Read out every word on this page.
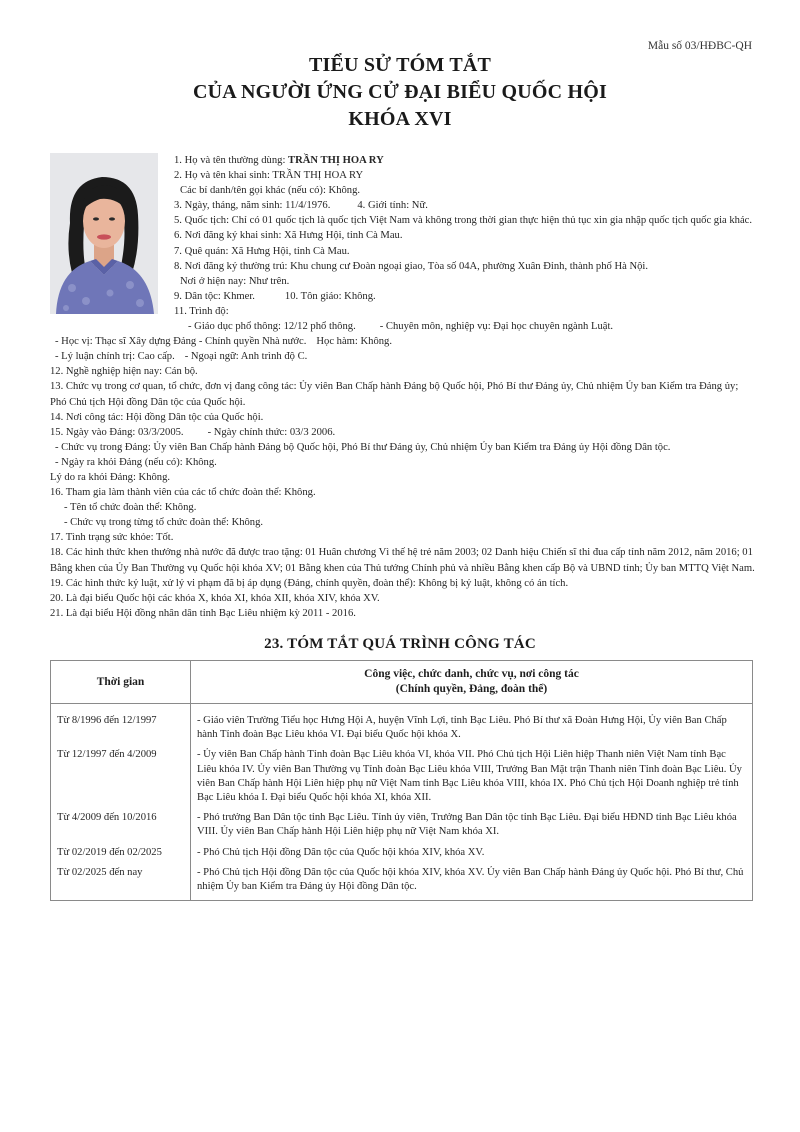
Mẫu số 03/HĐBC-QH
TIỂU SỬ TÓM TẮT
CỦA NGƯỜI ỨNG CỬ ĐẠI BIỂU QUỐC HỘI
KHÓA XVI
1. Họ và tên thường dùng: TRẦN THỊ HOA RY
2. Họ và tên khai sinh: TRẦN THỊ HOA RY
Các bí danh/tên gọi khác (nếu có): Không.
3. Ngày, tháng, năm sinh: 11/4/1976.	4. Giới tính: Nữ.
5. Quốc tịch: Chỉ có 01 quốc tịch là quốc tịch Việt Nam và không trong thời gian thực hiện thủ tục xin gia nhập quốc tịch quốc gia khác.
6. Nơi đăng ký khai sinh: Xã Hưng Hội, tỉnh Cà Mau.
7. Quê quán: Xã Hưng Hội, tỉnh Cà Mau.
8. Nơi đăng ký thường trú: Khu chung cư Đoàn ngoại giao, Tòa số 04A, phường Xuân Đỉnh, thành phố Hà Nội.
Nơi ở hiện nay: Như trên.
9. Dân tộc: Khmer.	10. Tôn giáo: Không.
11. Trình độ:
- Giáo dục phổ thông: 12/12 phổ thông. - Chuyên môn, nghiệp vụ: Đại học chuyên ngành Luật.
- Học vị: Thạc sĩ Xây dựng Đảng - Chính quyền Nhà nước. Học hàm: Không.
- Lý luận chính trị: Cao cấp. - Ngoại ngữ: Anh trình độ C.
12. Nghề nghiệp hiện nay: Cán bộ.
13. Chức vụ trong cơ quan, tổ chức, đơn vị đang công tác: Ủy viên Ban Chấp hành Đảng bộ Quốc hội, Phó Bí thư Đảng ủy, Chủ nhiệm Ủy ban Kiểm tra Đảng ủy; Phó Chủ tịch Hội đồng Dân tộc của Quốc hội.
14. Nơi công tác: Hội đồng Dân tộc của Quốc hội.
15. Ngày vào Đảng: 03/3/2005. - Ngày chính thức: 03/3 2006.
- Chức vụ trong Đảng: Ủy viên Ban Chấp hành Đảng bộ Quốc hội, Phó Bí thư Đảng ủy, Chủ nhiệm Ủy ban Kiểm tra Đảng ủy Hội đồng Dân tộc.
- Ngày ra khỏi Đảng (nếu có): Không.
Lý do ra khỏi Đảng: Không.
16. Tham gia làm thành viên của các tổ chức đoàn thể: Không.
- Tên tổ chức đoàn thể: Không.
- Chức vụ trong từng tổ chức đoàn thể: Không.
17. Tình trạng sức khỏe: Tốt.
18. Các hình thức khen thưởng nhà nước đã được trao tặng: 01 Huân chương Vì thế hệ trẻ năm 2003; 02 Danh hiệu Chiến sĩ thi đua cấp tỉnh năm 2012, năm 2016; 01 Bằng khen của Ủy Ban Thường vụ Quốc hội khóa XV; 01 Bằng khen của Thủ tướng Chính phủ và nhiều Bằng khen cấp Bộ và UBND tỉnh; Ủy ban MTTQ Việt Nam.
19. Các hình thức kỷ luật, xử lý vi phạm đã bị áp dụng (Đảng, chính quyền, đoàn thể): Không bị kỷ luật, không có án tích.
20. Là đại biểu Quốc hội các khóa X, khóa XI, khóa XII, khóa XIV, khóa XV.
21. Là đại biểu Hội đồng nhân dân tỉnh Bạc Liêu nhiệm kỳ 2011 - 2016.
23. TÓM TẮT QUÁ TRÌNH CÔNG TÁC
Thời gian	Công việc, chức danh, chức vụ, nơi công tác
(Chính quyền, Đảng, đoàn thể)

Từ 8/1996 đến 12/1997	- Giáo viên Trường Tiểu học Hưng Hội A, huyện Vĩnh Lợi, tỉnh Bạc Liêu. Phó Bí thư xã Đoàn Hưng Hội, Ủy viên Ban Chấp hành Tỉnh đoàn Bạc Liêu khóa VI. Đại biểu Quốc hội khóa X.
Từ 12/1997 đến 4/2009	- Ủy viên Ban Chấp hành Tỉnh đoàn Bạc Liêu khóa VI, khóa VII. Phó Chủ tịch Hội Liên hiệp Thanh niên Việt Nam tỉnh Bạc Liêu khóa IV. Ủy viên Ban Thường vụ Tỉnh đoàn Bạc Liêu khóa VIII, Trưởng Ban Mặt trận Thanh niên Tỉnh đoàn Bạc Liêu. Ủy viên Ban Chấp hành Hội Liên hiệp phụ nữ Việt Nam tỉnh Bạc Liêu khóa VIII, khóa IX. Phó Chủ tịch Hội Doanh nghiệp trẻ tỉnh Bạc Liêu khóa I. Đại biểu Quốc hội khóa XI, khóa XII.
Từ 4/2009 đến 10/2016	- Phó trưởng Ban Dân tộc tỉnh Bạc Liêu. Tỉnh ủy viên, Trưởng Ban Dân tộc tỉnh Bạc Liêu. Đại biểu HĐND tỉnh Bạc Liêu khóa VIII. Ủy viên Ban Chấp hành Hội Liên hiệp phụ nữ Việt Nam khóa XI.
Từ 02/2019 đến 02/2025	- Phó Chủ tịch Hội đồng Dân tộc của Quốc hội khóa XIV, khóa XV.
Từ 02/2025 đến nay	- Phó Chủ tịch Hội đồng Dân tộc của Quốc hội khóa XIV, khóa XV. Ủy viên Ban Chấp hành Đảng ủy Quốc hội. Phó Bí thư, Chủ nhiệm Ủy ban Kiểm tra Đảng ủy Hội đồng Dân tộc.
